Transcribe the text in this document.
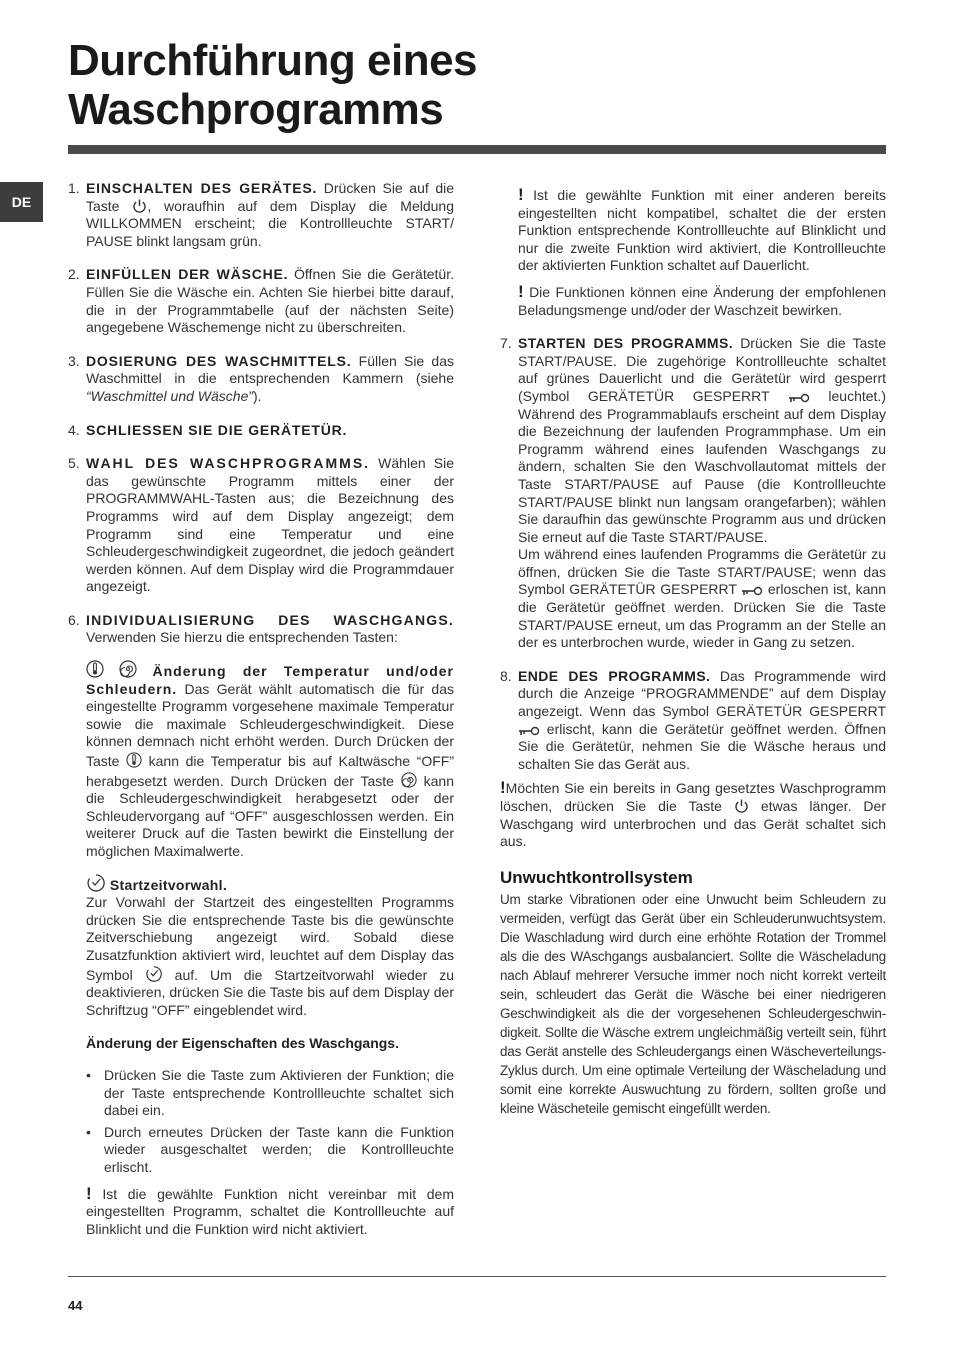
Durchführung eines
Waschprogramms
DE
1. EINSCHALTEN DES GERÄTES. Drücken Sie auf die Taste , woraufhin auf dem Display die Meldung WILLKOMMEN erscheint; die Kontrollleuchte START/ PAUSE blinkt langsam grün.
2. EINFÜLLEN DER WÄSCHE. Öffnen Sie die Gerätetür. Füllen Sie die Wäsche ein. Achten Sie hierbei bitte darauf, die in der Programmtabelle (auf der nächsten Seite) angegebene Wäschemenge nicht zu überschreiten.
3. DOSIERUNG DES WASCHMITTELS. Füllen Sie das Waschmittel in die entsprechenden Kammern (siehe “Waschmittel und Wäsche”).
4. SCHLIESSEN SIE DIE GERÄTETÜR.
5. WAHL DES WASCHPROGRAMMS. Wählen Sie das gewünschte Programm mittels einer der PROGRAMMWAHL-Tasten aus; die Bezeichnung des Programms wird auf dem Display angezeigt; dem Programm sind eine Temperatur und eine Schleudergeschwindigkeit zugeordnet, die jedoch geändert werden können. Auf dem Display wird die Programmdauer angezeigt.
6. INDIVIDUALISIERUNG DES WASCHGANGS. Verwenden Sie hierzu die entsprechenden Tasten:
Änderung der Temperatur und/oder Schleudern. Das Gerät wählt automatisch die für das eingestellte Programm vorgesehene maximale Temperatur sowie die maximale Schleudergeschwindigkeit. Diese können demnach nicht erhöht werden. Durch Drücken der Taste  kann die Temperatur bis auf Kaltwäsche “OFF” herabgesetzt werden. Durch Drücken der Taste  kann die Schleudergeschwindigkeit herabgesetzt oder der Schleudervorgang auf “OFF” ausgeschlossen werden. Ein weiterer Druck auf die Tasten bewirkt die Einstellung der möglichen Maximalwerte.
Startzeitvorwahl.
Zur Vorwahl der Startzeit des eingestellten Programms drücken Sie die entsprechende Taste bis die gewünschte Zeitverschiebung angezeigt wird. Sobald diese Zusatzfunktion aktiviert wird, leuchtet auf dem Display das Symbol  auf. Um die Startzeitvorwahl wieder zu deaktivieren, drücken Sie die Taste bis auf dem Display der Schriftzug “OFF” eingeblendet wird.
Änderung der Eigenschaften des Waschgangs.
• Drücken Sie die Taste zum Aktivieren der Funktion; die der Taste entsprechende Kontrollleuchte schaltet sich dabei ein.
• Durch erneutes Drücken der Taste kann die Funktion wieder ausgeschaltet werden; die Kontrollleuchte erlischt.
! Ist die gewählte Funktion nicht vereinbar mit dem eingestellten Programm, schaltet die Kontrollleuchte auf Blinklicht und die Funktion wird nicht aktiviert.
! Ist die gewählte Funktion mit einer anderen bereits eingestellten nicht kompatibel, schaltet die der ersten Funktion entsprechende Kontrollleuchte auf Blinklicht und nur die zweite Funktion wird aktiviert, die Kontrollleuchte der aktivierten Funktion schaltet auf Dauerlicht.
! Die Funktionen können eine Änderung der empfohlenen Beladungsmenge und/oder der Waschzeit bewirken.
7. STARTEN DES PROGRAMMS. Drücken Sie die Taste START/PAUSE. Die zugehörige Kontrollleuchte schaltet auf grünes Dauerlicht und die Gerätetür wird gesperrt (Symbol GERÄTETÜR GESPERRT  leuchtet.) Während des Programmablaufs erscheint auf dem Display die Bezeichnung der laufenden Programmphase. Um ein Programm während eines laufenden Waschgangs zu ändern, schalten Sie den Waschvollautomat mittels der Taste START/PAUSE auf Pause (die Kontrollleuchte START/PAUSE blinkt nun langsam orangefarben); wählen Sie daraufhin das gewünschte Programm aus und drücken Sie erneut auf die Taste START/PAUSE.
Um während eines laufenden Programms die Gerätetür zu öffnen, drücken Sie die Taste START/PAUSE; wenn das Symbol GERÄTETÜR GESPERRT  erloschen ist, kann die Gerätetür geöffnet werden. Drücken Sie die Taste START/PAUSE erneut, um das Programm an der Stelle an der es unterbrochen wurde, wieder in Gang zu setzen.
8. ENDE DES PROGRAMMS. Das Programmende wird durch die Anzeige “PROGRAMMENDE” auf dem Display angezeigt. Wenn das Symbol GERÄTETÜR GESPERRT  erlischt, kann die Gerätetür geöffnet werden. Öffnen Sie die Gerätetür, nehmen Sie die Wäsche heraus und schalten Sie das Gerät aus.
!Möchten Sie ein bereits in Gang gesetztes Waschprogramm löschen, drücken Sie die Taste  etwas länger. Der Waschgang wird unterbrochen und das Gerät schaltet sich aus.
Unwuchtkontrollsystem
Um starke Vibrationen oder eine Unwucht beim Schleudern zu vermeiden, verfügt das Gerät über ein Schleuderunwuchtsystem. Die Waschladung wird durch eine erhöhte Rotation der Trommel als die des WAschgangs ausbalanciert. Sollte die Wäscheladung nach Ablauf mehrerer Versuche immer noch nicht korrekt verteilt sein, schleudert das Gerät die Wäsche bei einer niedrigeren Geschwindigkeit als die der vorgesehenen Schleudergeschwin-digkeit. Sollte die Wäsche extrem ungleichmäßig verteilt sein, führt das Gerät anstelle des Schleudergangs einen Wäscheverteilungs-Zyklus durch. Um eine optimale Verteilung der Wäscheladung und somit eine korrekte Auswuchtung zu fördern, sollten große und kleine Wäscheteile gemischt eingefüllt werden.
44
